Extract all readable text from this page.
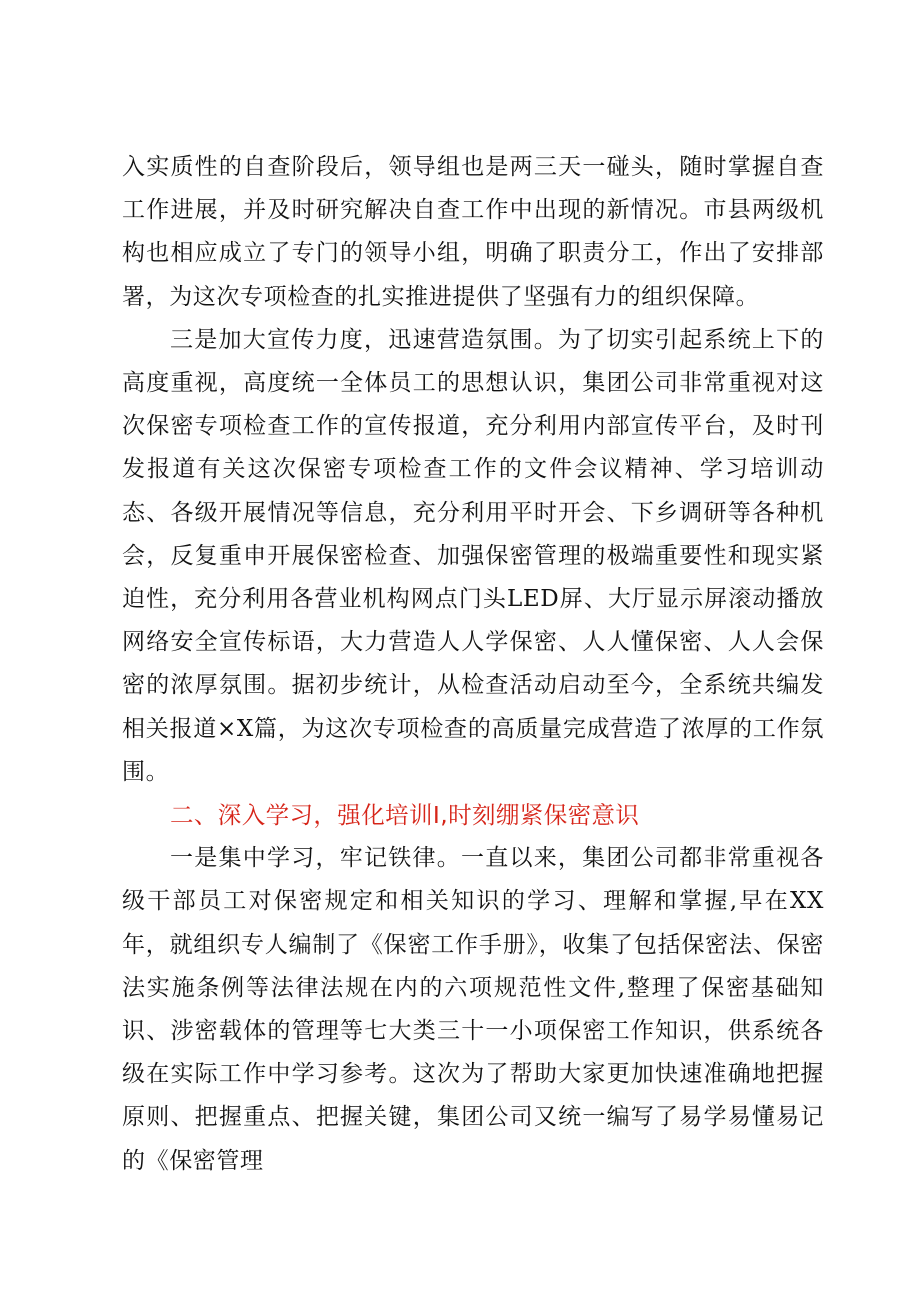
入实质性的自查阶段后，领导组也是两三天一碰头，随时掌握自查工作进展，并及时研究解决自查工作中出现的新情况。市县两级机构也相应成立了专门的领导小组，明确了职责分工，作出了安排部署，为这次专项检查的扎实推进提供了坚强有力的组织保障。

三是加大宣传力度，迅速营造氛围。为了切实引起系统上下的高度重视，高度统一全体员工的思想认识，集团公司非常重视对这次保密专项检查工作的宣传报道，充分利用内部宣传平台，及时刊发报道有关这次保密专项检查工作的文件会议精神、学习培训动态、各级开展情况等信息，充分利用平时开会、下乡调研等各种机会，反复重申开展保密检查、加强保密管理的极端重要性和现实紧迫性，充分利用各营业机构网点门头LED屏、大厅显示屏滚动播放网络安全宣传标语，大力营造人人学保密、人人懂保密、人人会保密的浓厚氛围。据初步统计，从检查活动启动至今，全系统共编发相关报道×X篇，为这次专项检查的高质量完成营造了浓厚的工作氛围。

二、深入学习，强化培训I,时刻绷紧保密意识

一是集中学习，牢记铁律。一直以来，集团公司都非常重视各级干部员工对保密规定和相关知识的学习、理解和掌握,早在XX年，就组织专人编制了《保密工作手册》，收集了包括保密法、保密法实施条例等法律法规在内的六项规范性文件,整理了保密基础知识、涉密载体的管理等七大类三十一小项保密工作知识，供系统各级在实际工作中学习参考。这次为了帮助大家更加快速准确地把握原则、把握重点、把握关键，集团公司又统一编写了易学易懂易记的《保密管理
